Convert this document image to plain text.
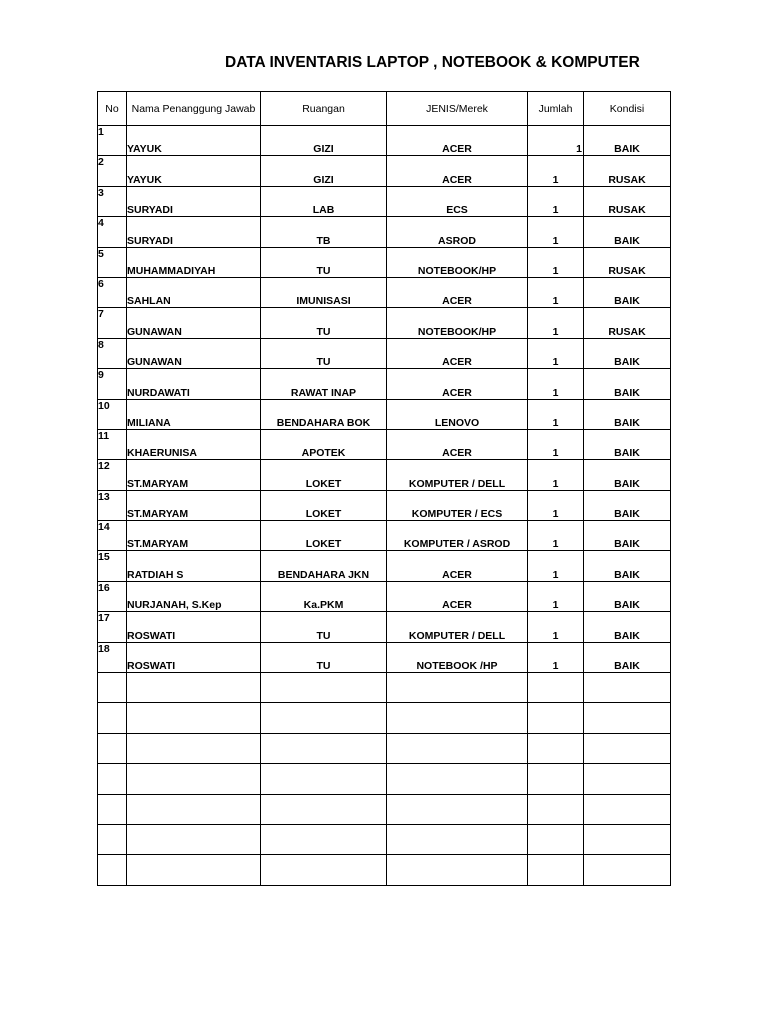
DATA INVENTARIS LAPTOP , NOTEBOOK & KOMPUTER
No	Nama Penanggung Jawab	Ruangan	JENIS/Merek	Jumlah	Kondisi
1	YAYUK	GIZI	ACER	1	BAIK
2	YAYUK	GIZI	ACER	1	RUSAK
3	SURYADI	LAB	ECS	1	RUSAK
4	SURYADI	TB	ASROD	1	BAIK
5	MUHAMMADIYAH	TU	NOTEBOOK/HP	1	RUSAK
6	SAHLAN	IMUNISASI	ACER	1	BAIK
7	GUNAWAN	TU	NOTEBOOK/HP	1	RUSAK
8	GUNAWAN	TU	ACER	1	BAIK
9	NURDAWATI	RAWAT INAP	ACER	1	BAIK
10	MILIANA	BENDAHARA BOK	LENOVO	1	BAIK
11	KHAERUNISA	APOTEK	ACER	1	BAIK
12	ST.MARYAM	LOKET	KOMPUTER / DELL	1	BAIK
13	ST.MARYAM	LOKET	KOMPUTER / ECS	1	BAIK
14	ST.MARYAM	LOKET	KOMPUTER / ASROD	1	BAIK
15	RATDIAH S	BENDAHARA JKN	ACER	1	BAIK
16	NURJANAH, S.Kep	Ka.PKM	ACER	1	BAIK
17	ROSWATI	TU	KOMPUTER / DELL	1	BAIK
18	ROSWATI	TU	NOTEBOOK /HP	1	BAIK
